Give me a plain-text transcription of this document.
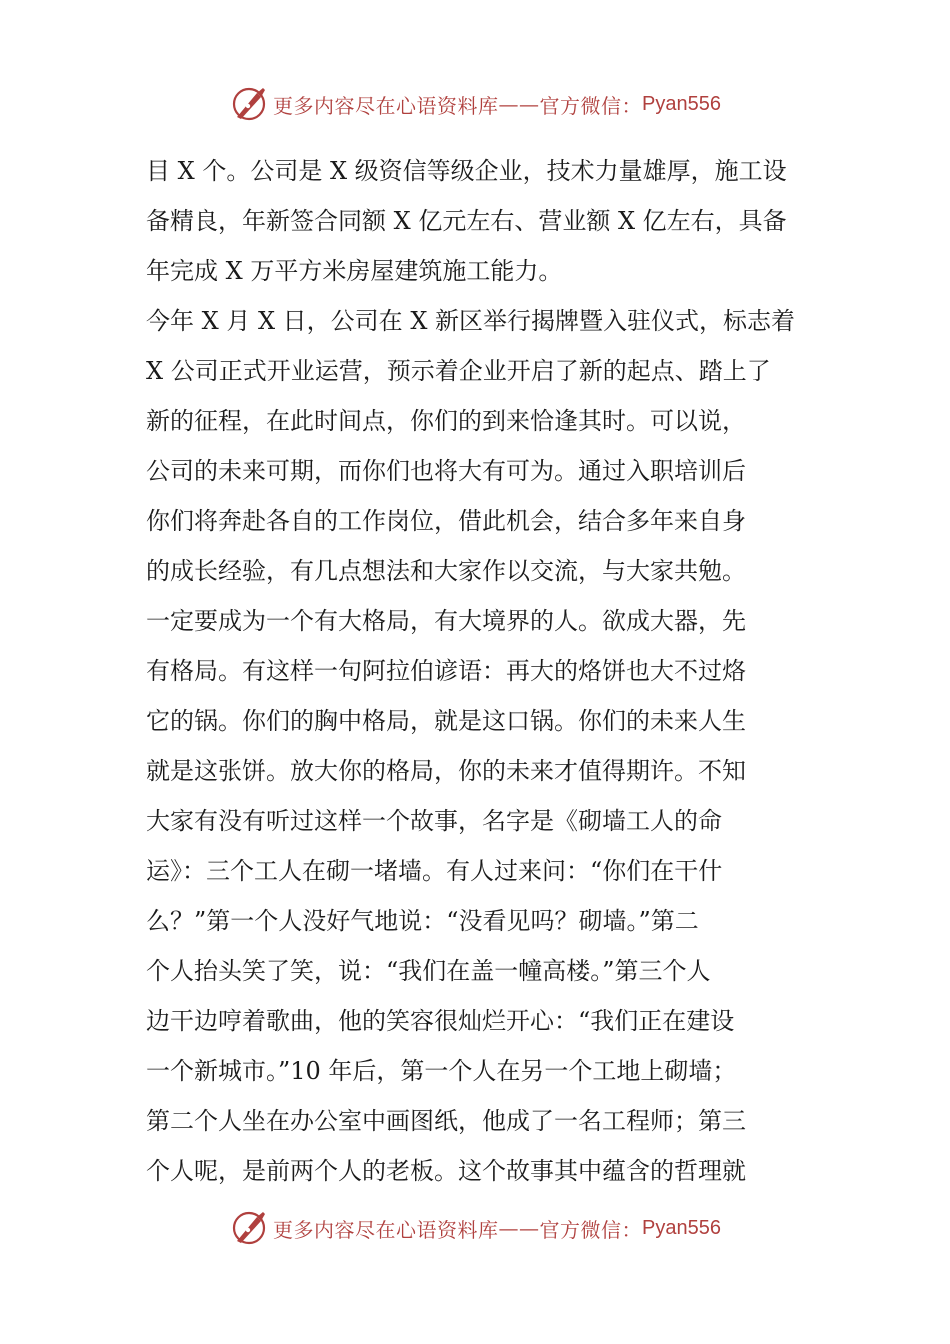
更多内容尽在心语资料库 —— 官方微信： Pyan556
目 X 个。公司是 X 级资信等级企业，技术力量雄厚，施工设
备精良，年新签合同额 X 亿元左右、营业额 X 亿左右，具备
年完成 X 万平方米房屋建筑施工能力。
今年 X 月 X 日，公司在 X 新区举行揭牌暨入驻仪式，标志着
X 公司正式开业运营，预示着企业开启了新的起点、踏上了
新的征程，在此时间点，你们的到来恰逢其时。可以说，
公司的未来可期，而你们也将大有可为。通过入职培训后
你们将奔赴各自的工作岗位，借此机会，结合多年来自身
的成长经验，有几点想法和大家作以交流，与大家共勉。
一定要成为一个有大格局，有大境界的人。欲成大器，先
有格局。有这样一句阿拉伯谚语：再大的烙饼也大不过烙
它的锅。你们的胸中格局，就是这口锅。你们的未来人生
就是这张饼。放大你的格局，你的未来才值得期许。不知
大家有没有听过这样一个故事，名字是《砌墙工人的命
运》：三个工人在砌一堵墙。有人过来问：“你们在干什
么？”第一个人没好气地说：“没看见吗？砌墙。”第二
个人抬头笑了笑，说：“我们在盖一幢高楼。”第三个人
边干边哼着歌曲，他的笑容很灿烂开心：“我们正在建设
一个新城市。”10 年后，第一个人在另一个工地上砌墙；
第二个人坐在办公室中画图纸，他成了一名工程师；第三
个人呢，是前两个人的老板。这个故事其中蕴含的哲理就
更多内容尽在心语资料库 —— 官方微信： Pyan556
